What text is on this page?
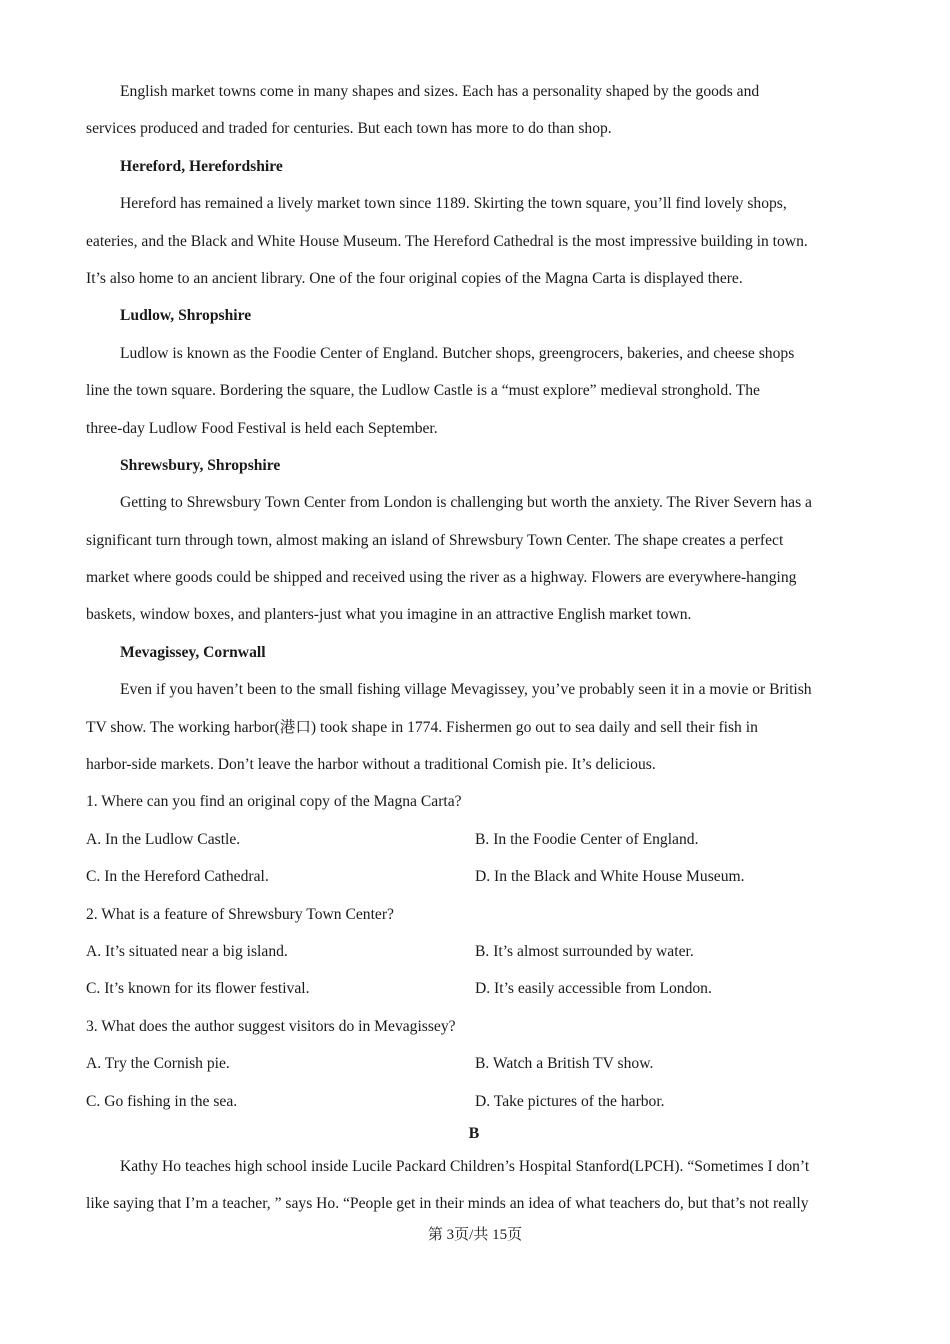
English market towns come in many shapes and sizes. Each has a personality shaped by the goods and
services produced and traded for centuries. But each town has more to do than shop.
Hereford, Herefordshire
Hereford has remained a lively market town since 1189. Skirting the town square, you’ll find lovely shops,
eateries, and the Black and White House Museum. The Hereford Cathedral is the most impressive building in town.
It’s also home to an ancient library. One of the four original copies of the Magna Carta is displayed there.
Ludlow, Shropshire
Ludlow is known as the Foodie Center of England. Butcher shops, greengrocers, bakeries, and cheese shops
line the town square. Bordering the square, the Ludlow Castle is a “must explore” medieval stronghold. The
three-day Ludlow Food Festival is held each September.
Shrewsbury, Shropshire
Getting to Shrewsbury Town Center from London is challenging but worth the anxiety. The River Severn has a
significant turn through town, almost making an island of Shrewsbury Town Center. The shape creates a perfect
market where goods could be shipped and received using the river as a highway. Flowers are everywhere-hanging
baskets, window boxes, and planters-just what you imagine in an attractive English market town.
Mevagissey, Cornwall
Even if you haven’t been to the small fishing village Mevagissey, you’ve probably seen it in a movie or British
TV show. The working harbor(港口) took shape in 1774. Fishermen go out to sea daily and sell their fish in
harbor-side markets. Don’t leave the harbor without a traditional Comish pie. It’s delicious.
1. Where can you find an original copy of the Magna Carta?
A. In the Ludlow Castle.	B. In the Foodie Center of England.
C. In the Hereford Cathedral.	D. In the Black and White House Museum.
2. What is a feature of Shrewsbury Town Center?
A. It’s situated near a big island.	B. It’s almost surrounded by water.
C. It’s known for its flower festival.	D. It’s easily accessible from London.
3. What does the author suggest visitors do in Mevagissey?
A. Try the Cornish pie.	B. Watch a British TV show.
C. Go fishing in the sea.	D. Take pictures of the harbor.
B
Kathy Ho teaches high school inside Lucile Packard Children’s Hospital Stanford(LPCH). “Sometimes I don’t
like saying that I’m a teacher, ” says Ho. “People get in their minds an idea of what teachers do, but that’s not really
第 3页/共 15页
